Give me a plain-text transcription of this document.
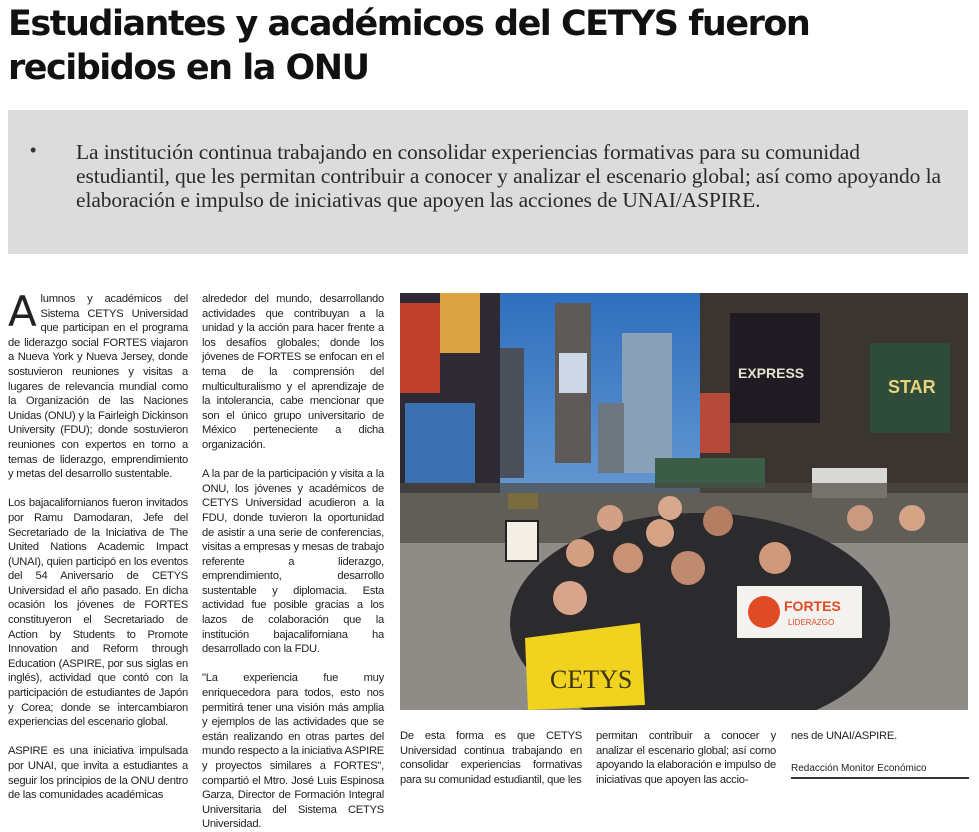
Estudiantes y académicos del CETYS fueron recibidos en la ONU
• La institución continua trabajando en consolidar experiencias formativas para su comunidad estudiantil, que les permitan contribuir a conocer y analizar el escenario global; así como apoyando la elaboración e impulso de iniciativas que apoyen las acciones de UNAI/ASPIRE.

Alumnos y académicos del Sistema CETYS Universidad que participan en el programa de liderazgo social FORTES viajaron a Nueva York y Nueva Jersey, donde sostuvieron reuniones y visitas a lugares de relevancia mundial como la Organización de las Naciones Unidas (ONU) y la Fairleigh Dickinson University (FDU); donde sostuvieron reuniones con expertos en torno a temas de liderazgo, emprendimiento y metas del desarrollo sustentable.

Los bajacalifornianos fueron invitados por Ramu Damodaran, Jefe del Secretariado de la Iniciativa de The United Nations Academic Impact (UNAI), quien participó en los eventos del 54 Aniversario de CETYS Universidad el año pasado. En dicha ocasión los jóvenes de FORTES constituyeron el Secretariado de Action by Students to Promote Innovation and Reform through Education (ASPIRE, por sus siglas en inglés), actividad que contó con la participación de estudiantes de Japón y Corea; donde se intercambiaron experiencias del escenario global.

ASPIRE es una iniciativa impulsada por UNAI, que invita a estudiantes a seguir los principios de la ONU dentro de las comunidades académicas

alrededor del mundo, desarrollando actividades que contribuyan a la unidad y la acción para hacer frente a los desafíos globales; donde los jóvenes de FORTES se enfocan en el tema de la comprensión del multiculturalismo y el aprendizaje de la intolerancia, cabe mencionar que son el único grupo universitario de México perteneciente a dicha organización.

A la par de la participación y visita a la ONU, los jóvenes y académicos de CETYS Universidad acudieron a la FDU, donde tuvieron la oportunidad de asistir a una serie de conferencias, visitas a empresas y mesas de trabajo referente a liderazgo, emprendimiento, desarrollo sustentable y diplomacia. Esta actividad fue posible gracias a los lazos de colaboración que la institución bajacaliforniana ha desarrollado con la FDU.

"La experiencia fue muy enriquecedora para todos, esto nos permitirá tener una visión más amplia y ejemplos de las actividades que se están realizando en otras partes del mundo respecto a la iniciativa ASPIRE y proyectos similares a FORTES", compartió el Mtro. José Luis Espinosa Garza, Director de Formación Integral Universitaria del Sistema CETYS Universidad.

EXPRESS
STAR
CETYS
FORTES
LIDERAZGO

De esta forma es que CETYS Universidad continua trabajando en consolidar experiencias formativas para su comunidad estudiantil, que les

permitan contribuir a conocer y analizar el escenario global; así como apoyando la elaboración e impulso de iniciativas que apoyen las accio-

nes de UNAI/ASPIRE.

Redacción Monitor Económico
